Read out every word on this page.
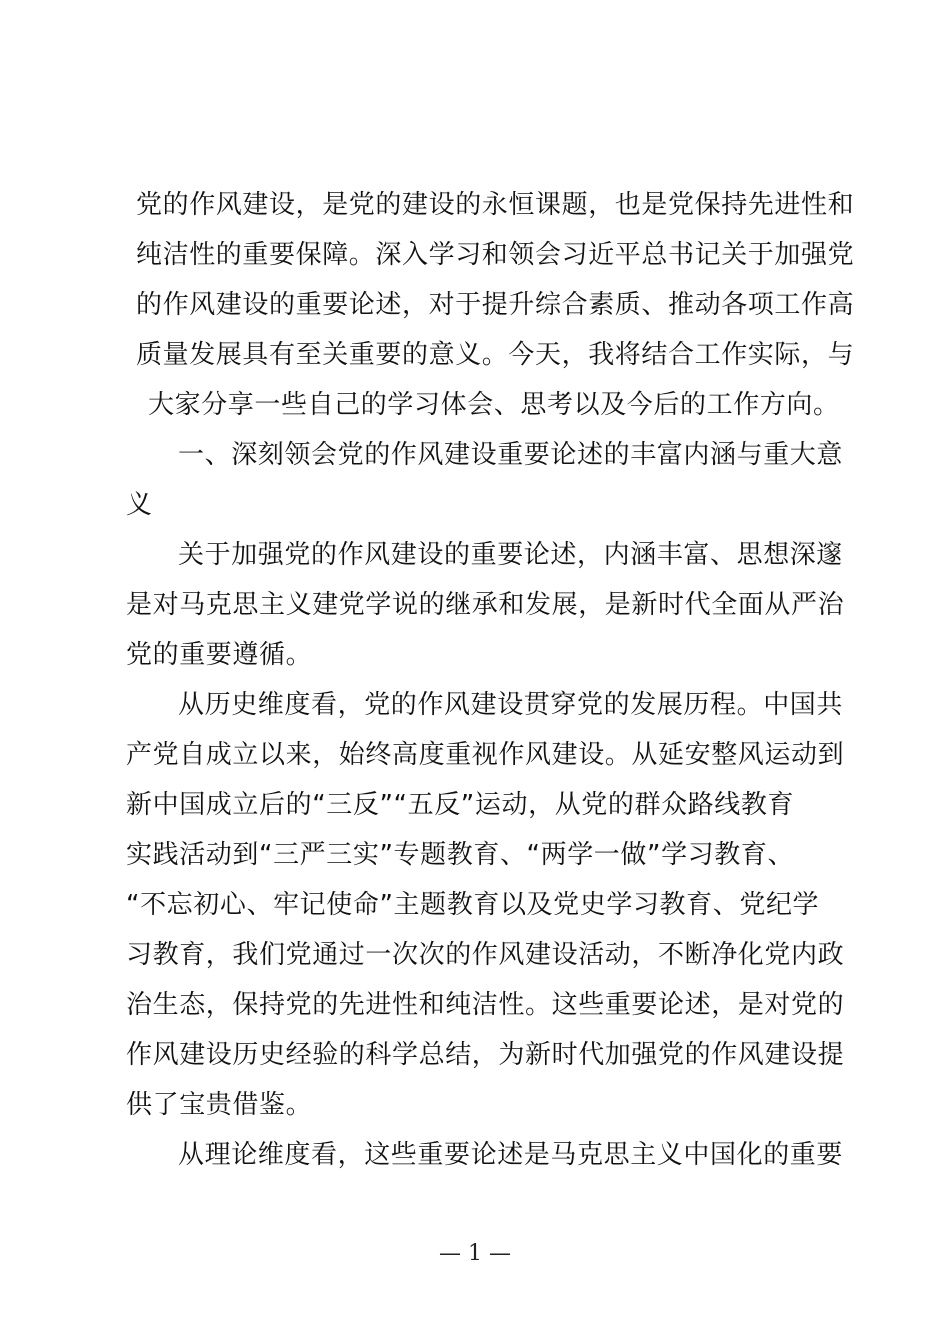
党的作风建设，是党的建设的永恒课题，也是党保持先进性和
纯洁性的重要保障。深入学习和领会习近平总书记关于加强党
的作风建设的重要论述，对于提升综合素质、推动各项工作高
质量发展具有至关重要的意义。今天，我将结合工作实际，与
大家分享一些自己的学习体会、思考以及今后的工作方向。
一、深刻领会党的作风建设重要论述的丰富内涵与重大意
义
关于加强党的作风建设的重要论述，内涵丰富、思想深邃
是对马克思主义建党学说的继承和发展，是新时代全面从严治
党的重要遵循。
从历史维度看，党的作风建设贯穿党的发展历程。中国共
产党自成立以来，始终高度重视作风建设。从延安整风运动到
新中国成立后的“三反”“五反”运动，从党的群众路线教育
实践活动到“三严三实”专题教育、“两学一做”学习教育、
“不忘初心、牢记使命”主题教育以及党史学习教育、党纪学
习教育，我们党通过一次次的作风建设活动，不断净化党内政
治生态，保持党的先进性和纯洁性。这些重要论述，是对党的
作风建设历史经验的科学总结，为新时代加强党的作风建设提
供了宝贵借鉴。
从理论维度看，这些重要论述是马克思主义中国化的重要
— 1 —
